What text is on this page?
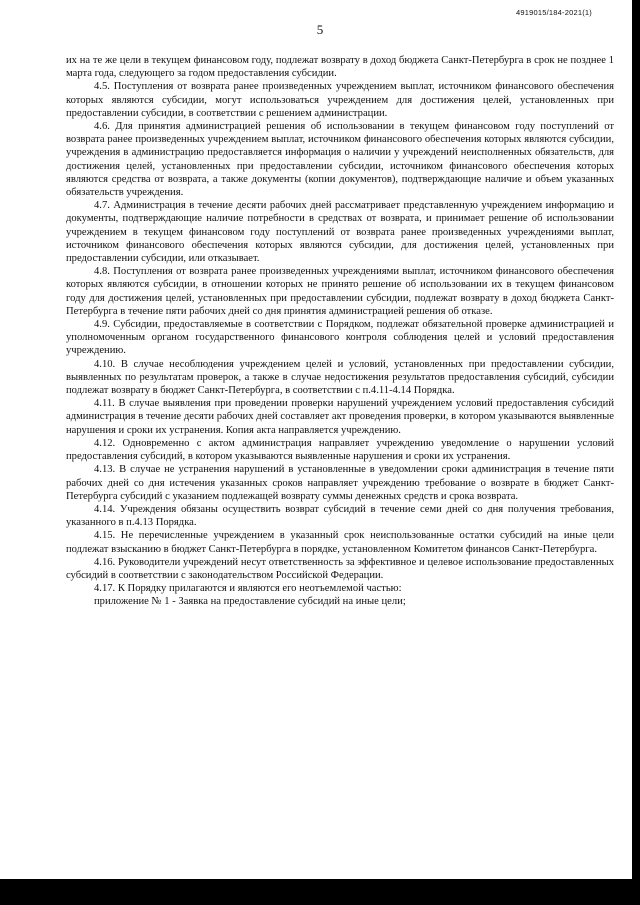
4919015/184-2021(1)
5

их на те же цели в текущем финансовом году, подлежат возврату в доход бюджета Санкт-Петербурга в срок не позднее 1 марта года, следующего за годом предоставления субсидии.

4.5. Поступления от возврата ранее произведенных учреждением выплат, источником финансового обеспечения которых являются субсидии, могут использоваться учреждением для достижения целей, установленных при предоставлении субсидии, в соответствии с решением администрации.

4.6. Для принятия администрацией решения об использовании в текущем финансовом году поступлений от возврата ранее произведенных учреждением выплат, источником финансового обеспечения которых являются субсидии, учреждения в администрацию предоставляется информация о наличии у учреждений неисполненных обязательств, для достижения целей, установленных при предоставлении субсидии, источником финансового обеспечения которых являются средства от возврата, а также документы (копии документов), подтверждающие наличие и объем указанных обязательств учреждения.

4.7. Администрация в течение десяти рабочих дней рассматривает представленную учреждением информацию и документы, подтверждающие наличие потребности в средствах от возврата, и принимает решение об использовании учреждением в текущем финансовом году поступлений от возврата ранее произведенных учреждениями выплат, источником финансового обеспечения которых являются субсидии, для достижения целей, установленных при предоставлении субсидии, или отказывает.

4.8. Поступления от возврата ранее произведенных учреждениями выплат, источником финансового обеспечения которых являются субсидии, в отношении которых не принято решение об использовании их в текущем финансовом году для достижения целей, установленных при предоставлении субсидии, подлежат возврату в доход бюджета Санкт-Петербурга в течение пяти рабочих дней со дня принятия администрацией решения об отказе.

4.9. Субсидии, предоставляемые в соответствии с Порядком, подлежат обязательной проверке администрацией и уполномоченным органом государственного финансового контроля соблюдения целей и условий предоставления учреждению.

4.10. В случае несоблюдения учреждением целей и условий, установленных при предоставлении субсидии, выявленных по результатам проверок, а также в случае недостижения результатов предоставления субсидий, субсидии подлежат возврату в бюджет Санкт-Петербурга, в соответствии с п.4.11-4.14 Порядка.

4.11. В случае выявления при проведении проверки нарушений учреждением условий предоставления субсидий администрация в течение десяти рабочих дней составляет акт проведения проверки, в котором указываются выявленные нарушения и сроки их устранения. Копия акта направляется учреждению.

4.12. Одновременно с актом администрация направляет учреждению уведомление о нарушении условий предоставления субсидий, в котором указываются выявленные нарушения и сроки их устранения.

4.13. В случае не устранения нарушений в установленные в уведомлении сроки администрация в течение пяти рабочих дней со дня истечения указанных сроков направляет учреждению требование о возврате в бюджет Санкт-Петербурга субсидий с указанием подлежащей возврату суммы денежных средств и срока возврата.

4.14. Учреждения обязаны осуществить возврат субсидий в течение семи дней со дня получения требования, указанного в п.4.13 Порядка.

4.15. Не перечисленные учреждением в указанный срок неиспользованные остатки субсидий на иные цели подлежат взысканию в бюджет Санкт-Петербурга в порядке, установленном Комитетом финансов Санкт-Петербурга.

4.16. Руководители учреждений несут ответственность за эффективное и целевое использование предоставленных субсидий в соответствии с законодательством Российской Федерации.

4.17. К Порядку прилагаются и являются его неотъемлемой частью:

приложение № 1 - Заявка на предоставление субсидий на иные цели;
